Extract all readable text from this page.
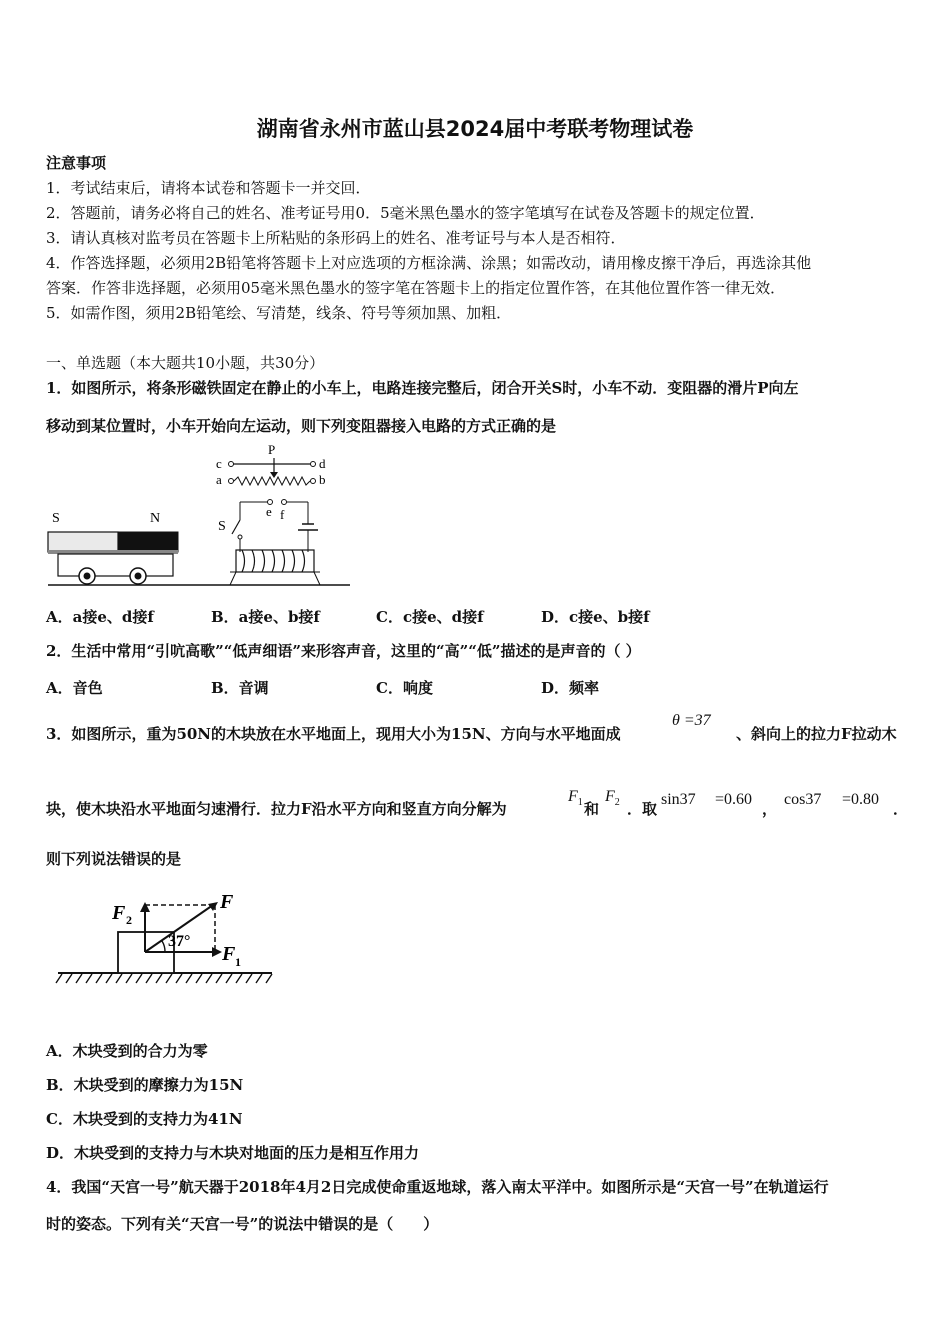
湖南省永州市蓝山县2024届中考联考物理试卷
注意事项
1．考试结束后，请将本试卷和答题卡一并交回．
2．答题前，请务必将自己的姓名、准考证号用0．5毫米黑色墨水的签字笔填写在试卷及答题卡的规定位置．
3．请认真核对监考员在答题卡上所粘贴的条形码上的姓名、准考证号与本人是否相符．
4．作答选择题，必须用2B铅笔将答题卡上对应选项的方框涂满、涂黑；如需改动，请用橡皮擦干净后，再选涂其他
答案．作答非选择题，必须用05毫米黑色墨水的签字笔在答题卡上的指定位置作答，在其他位置作答一律无效．
5．如需作图，须用2B铅笔绘、写清楚，线条、符号等须加黑、加粗．
一、单选题（本大题共10小题，共30分）
1．如图所示，将条形磁铁固定在静止的小车上，电路连接完整后，闭合开关S时，小车不动．变阻器的滑片P向左
移动到某位置时，小车开始向左运动，则下列变阻器接入电路的方式正确的是
S	N
c
a
d
b
P
e f
S
A．a接e、d接f	B．a接e、b接f	C．c接e、d接f	D．c接e、b接f
2．生活中常用“引吭高歌”“低声细语”来形容声音，这里的“高”“低”描述的是声音的（ ）
A．音色	B．音调	C．响度	D．频率
3．如图所示，重为50N的木块放在水平地面上，现用大小为15N、方向与水平地面成
θ =37
、斜向上的拉力F拉动木
块，使木块沿水平地面匀速滑行．拉力F沿水平方向和竖直方向分解为
$F_1$ 和
$F_2$ ．取
sin37 =0.60
，
cos37 =0.80
．
则下列说法错误的是
F 2
F
37°
F 1
A．木块受到的合力为零
B．木块受到的摩擦力为15N
C．木块受到的支持力为41N
D．木块受到的支持力与木块对地面的压力是相互作用力
4．我国“天宫一号”航天器于2018年4月2日完成使命重返地球，落入南太平洋中。如图所示是“天宫一号”在轨道运行
时的姿态。下列有关“天宫一号”的说法中错误的是（　　）
